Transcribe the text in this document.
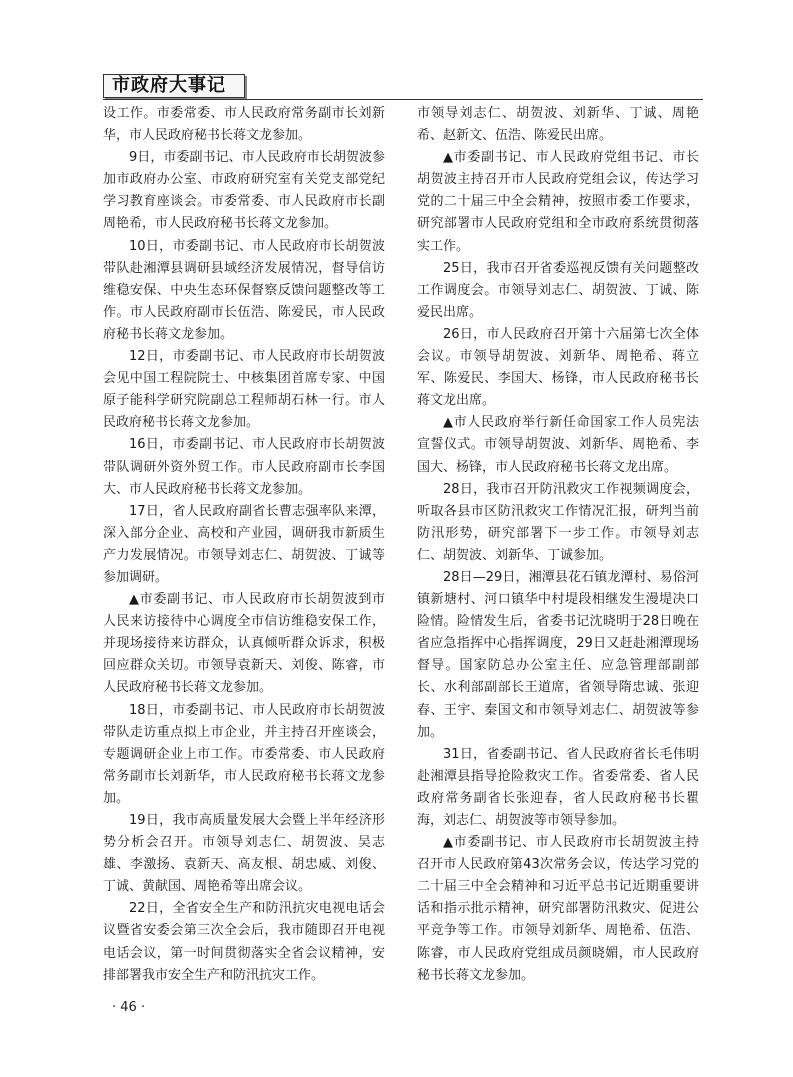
市政府大事记

设工作。市委常委、市人民政府常务副市长刘新华，市人民政府秘书长蒋文龙参加。

9日，市委副书记、市人民政府市长胡贺波参加市政府办公室、市政府研究室有关党支部党纪学习教育座谈会。市委常委、市人民政府市长副周艳希，市人民政府秘书长蒋文龙参加。

10日，市委副书记、市人民政府市长胡贺波带队赴湘潭县调研县域经济发展情况，督导信访维稳安保、中央生态环保督察反馈问题整改等工作。市人民政府副市长伍浩、陈爱民，市人民政府秘书长蒋文龙参加。

12日，市委副书记、市人民政府市长胡贺波会见中国工程院院士、中核集团首席专家、中国原子能科学研究院副总工程师胡石林一行。市人民政府秘书长蒋文龙参加。

16日，市委副书记、市人民政府市长胡贺波带队调研外资外贸工作。市人民政府副市长李国大、市人民政府秘书长蒋文龙参加。

17日，省人民政府副省长曹志强率队来潭，深入部分企业、高校和产业园，调研我市新质生产力发展情况。市领导刘志仁、胡贺波、丁诚等参加调研。

▲市委副书记、市人民政府市长胡贺波到市人民来访接待中心调度全市信访维稳安保工作，并现场接待来访群众，认真倾听群众诉求，积极回应群众关切。市领导袁新天、刘俊、陈睿，市人民政府秘书长蒋文龙参加。

18日，市委副书记、市人民政府市长胡贺波带队走访重点拟上市企业，并主持召开座谈会，专题调研企业上市工作。市委常委、市人民政府常务副市长刘新华，市人民政府秘书长蒋文龙参加。

19日，我市高质量发展大会暨上半年经济形势分析会召开。市领导刘志仁、胡贺波、吴志雄、李激扬、袁新天、高友根、胡忠威、刘俊、丁诚、黄献国、周艳希等出席会议。

22日，全省安全生产和防汛抗灾电视电话会议暨省安委会第三次全会后，我市随即召开电视电话会议，第一时间贯彻落实全省会议精神，安排部署我市安全生产和防汛抗灾工作。

市领导刘志仁、胡贺波、刘新华、丁诚、周艳希、赵新文、伍浩、陈爱民出席。

▲市委副书记、市人民政府党组书记、市长胡贺波主持召开市人民政府党组会议，传达学习党的二十届三中全会精神，按照市委工作要求，研究部署市人民政府党组和全市政府系统贯彻落实工作。

25日，我市召开省委巡视反馈有关问题整改工作调度会。市领导刘志仁、胡贺波、丁诚、陈爱民出席。

26日，市人民政府召开第十六届第七次全体会议。市领导胡贺波、刘新华、周艳希、蒋立军、陈爱民、李国大、杨锋，市人民政府秘书长蒋文龙出席。

▲市人民政府举行新任命国家工作人员宪法宣誓仪式。市领导胡贺波、刘新华、周艳希、李国大、杨锋，市人民政府秘书长蒋文龙出席。

28日，我市召开防汛救灾工作视频调度会，听取各县市区防汛救灾工作情况汇报，研判当前防汛形势，研究部署下一步工作。市领导刘志仁、胡贺波、刘新华、丁诚参加。

28日—29日，湘潭县花石镇龙潭村、易俗河镇新塘村、河口镇华中村堤段相继发生漫堤决口险情。险情发生后，省委书记沈晓明于28日晚在省应急指挥中心指挥调度，29日又赶赴湘潭现场督导。国家防总办公室主任、应急管理部副部长、水利部副部长王道席，省领导隋忠诚、张迎春、王宇、秦国文和市领导刘志仁、胡贺波等参加。

31日，省委副书记、省人民政府省长毛伟明赴湘潭县指导抢险救灾工作。省委常委、省人民政府常务副省长张迎春，省人民政府秘书长瞿海，刘志仁、胡贺波等市领导参加。

▲市委副书记、市人民政府市长胡贺波主持召开市人民政府第43次常务会议，传达学习党的二十届三中全会精神和习近平总书记近期重要讲话和指示批示精神，研究部署防汛救灾、促进公平竞争等工作。市领导刘新华、周艳希、伍浩、陈睿，市人民政府党组成员颜晓媚，市人民政府秘书长蒋文龙参加。

· 46 ·
